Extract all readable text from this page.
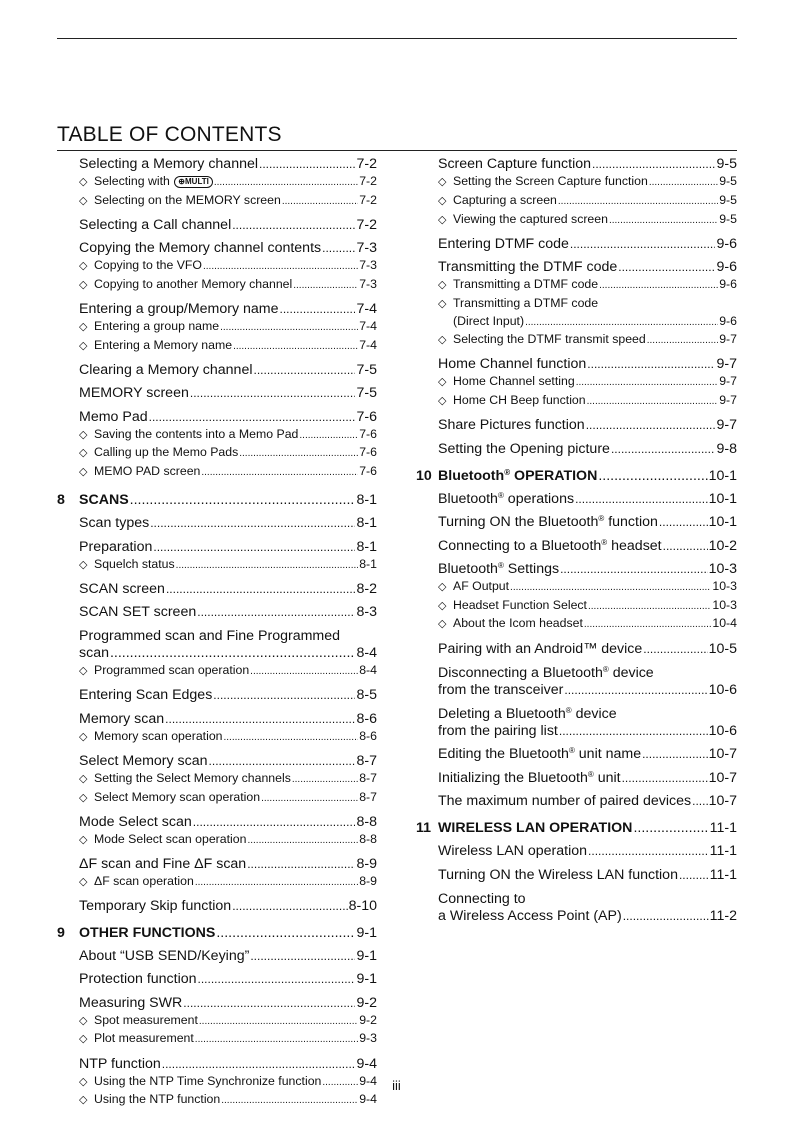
TABLE OF CONTENTS
Selecting a Memory channel .....	7-2
◇ Selecting with ⊕MULTI .....	7-2
◇ Selecting on the MEMORY screen .....	7-2
Selecting a Call channel .....	7-2
Copying the Memory channel contents ..... 7-3
◇ Copying to the VFO .....	7-3
◇ Copying to another Memory channel .....	7-3
Entering a group/Memory name .....	7-4
◇ Entering a group name .....	7-4
◇ Entering a Memory name .....	7-4
Clearing a Memory channel .....	7-5
MEMORY screen .....	7-5
Memo Pad .....	7-6
◇ Saving the contents into a Memo Pad .....	7-6
◇ Calling up the Memo Pads .....	7-6
◇ MEMO PAD screen .....	7-6
8 SCANS .....	8-1
Scan types .....	8-1
Preparation .....	8-1
◇ Squelch status .....	8-1
SCAN screen .....	8-2
SCAN SET screen .....	8-3
Programmed scan and Fine Programmed
scan .....	8-4
◇ Programmed scan operation .....	8-4
Entering Scan Edges .....	8-5
Memory scan .....	8-6
◇ Memory scan operation .....	8-6
Select Memory scan .....	8-7
◇ Setting the Select Memory channels .....	8-7
◇ Select Memory scan operation .....	8-7
Mode Select scan .....	8-8
◇ Mode Select scan operation .....	8-8
ΔF scan and Fine ΔF scan .....	8-9
◇ ΔF scan operation .....	8-9
Temporary Skip function .....	8-10
9 OTHER FUNCTIONS .....	9-1
About “USB SEND/Keying” .....	9-1
Protection function .....	9-1
Measuring SWR .....	9-2
◇ Spot measurement .....	9-2
◇ Plot measurement .....	9-3
NTP function .....	9-4
◇ Using the NTP Time Synchronize function .....	9-4
◇ Using the NTP function .....	9-4
Screen Capture function .....	9-5
◇ Setting the Screen Capture function .....	9-5
◇ Capturing a screen .....	9-5
◇ Viewing the captured screen .....	9-5
Entering DTMF code .....	9-6
Transmitting the DTMF code .....	9-6
◇ Transmitting a DTMF code .....	9-6
◇ Transmitting a DTMF code
(Direct Input) .....	9-6
◇ Selecting the DTMF transmit speed .....	9-7
Home Channel function .....	9-7
◇ Home Channel setting .....	9-7
◇ Home CH Beep function .....	9-7
Share Pictures function .....	9-7
Setting the Opening picture .....	9-8
10 Bluetooth® OPERATION .....	10-1
Bluetooth® operations .....	10-1
Turning ON the Bluetooth® function .....	10-1
Connecting to a Bluetooth® headset .....	10-2
Bluetooth® Settings .....	10-3
◇ AF Output .....	10-3
◇ Headset Function Select .....	10-3
◇ About the Icom headset .....	10-4
Pairing with an Android™ device .....	10-5
Disconnecting a Bluetooth® device
from the transceiver .....	10-6
Deleting a Bluetooth® device
from the pairing list .....	10-6
Editing the Bluetooth® unit name .....	10-7
Initializing the Bluetooth® unit .....	10-7
The maximum number of paired devices ..... 10-7
11 WIRELESS LAN OPERATION .....	11-1
Wireless LAN operation .....	11-1
Turning ON the Wireless LAN function ..... 11-1
Connecting to
a Wireless Access Point (AP) .....	11-2
iii
